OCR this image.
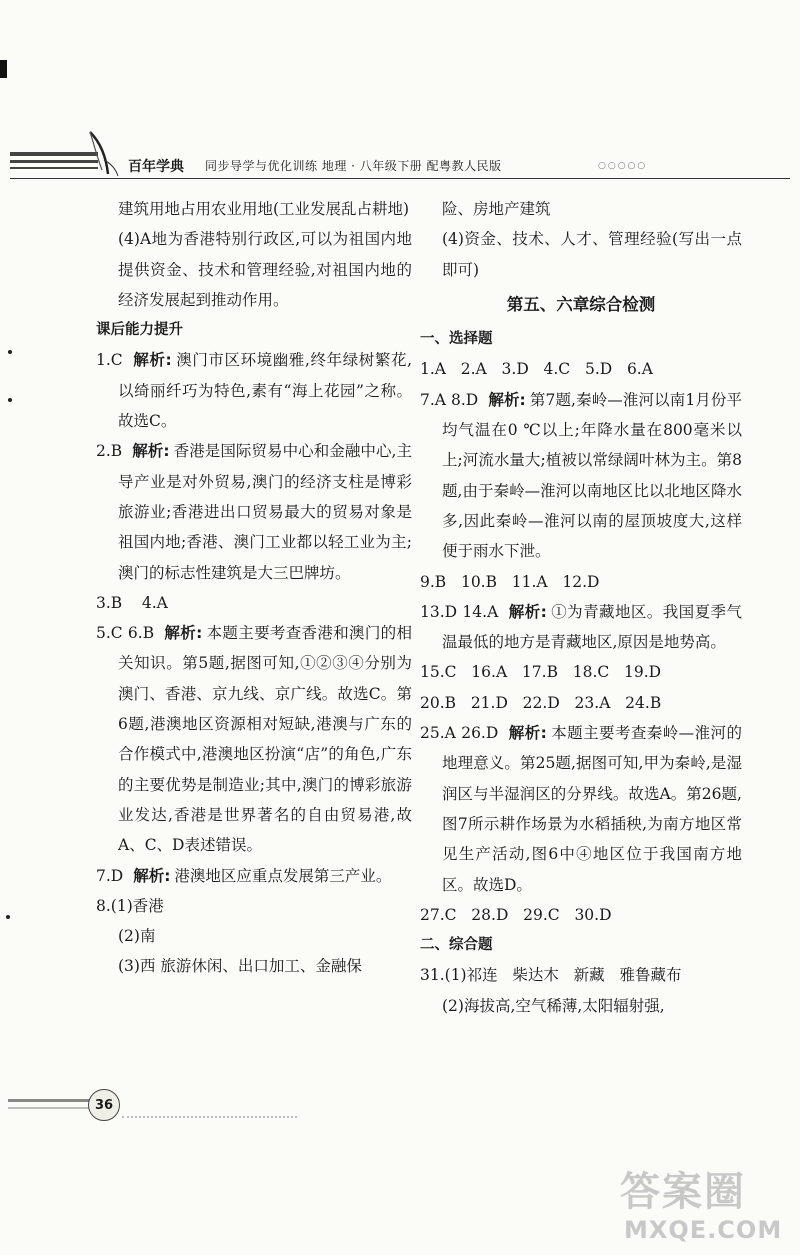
百年学典 同步导学与优化训练 地理 · 八年级下册 配粤教人民版	○○○○○

建筑用地占用农业用地(工业发展乱占耕地)

(4)A地为香港特别行政区,可以为祖国内地提供资金、技术和管理经验,对祖国内地的经济发展起到推动作用。

课后能力提升

1.C 解析: 澳门市区环境幽雅,终年绿树繁花,以绮丽纤巧为特色,素有“海上花园”之称。故选C。

2.B 解析: 香港是国际贸易中心和金融中心,主导产业是对外贸易,澳门的经济支柱是博彩旅游业;香港进出口贸易最大的贸易对象是祖国内地;香港、澳门工业都以轻工业为主;澳门的标志性建筑是大三巴牌坊。

3.B    4.A

5.C 6.B 解析: 本题主要考查香港和澳门的相关知识。第5题,据图可知,①②③④分别为澳门、香港、京九线、京广线。故选C。第6题,港澳地区资源相对短缺,港澳与广东的合作模式中,港澳地区扮演“店”的角色,广东的主要优势是制造业;其中,澳门的博彩旅游业发达,香港是世界著名的自由贸易港,故A、C、D表述错误。

7.D 解析: 港澳地区应重点发展第三产业。

8.(1)香港

(2)南

(3)西 旅游休闲、出口加工、金融保

险、房地产建筑

(4)资金、技术、人才、管理经验(写出一点即可)

第五、六章综合检测

一、选择题

1.A   2.A   3.D   4.C   5.D   6.A

7.A 8.D 解析: 第7题,秦岭—淮河以南1月份平均气温在0 ℃以上;年降水量在800毫米以上;河流水量大;植被以常绿阔叶林为主。第8题,由于秦岭—淮河以南地区比以北地区降水多,因此秦岭—淮河以南的屋顶坡度大,这样便于雨水下泄。

9.B   10.B   11.A   12.D

13.D 14.A 解析: ①为青藏地区。我国夏季气温最低的地方是青藏地区,原因是地势高。

15.C   16.A   17.B   18.C   19.D

20.B   21.D   22.D   23.A   24.B

25.A 26.D 解析: 本题主要考查秦岭—淮河的地理意义。第25题,据图可知,甲为秦岭,是湿润区与半湿润区的分界线。故选A。第26题,图7所示耕作场景为水稻插秧,为南方地区常见生产活动,图6中④地区位于我国南方地区。故选D。

27.C   28.D   29.C   30.D

二、综合题

31.(1)祁连   柴达木   新藏   雅鲁藏布

(2)海拔高,空气稀薄,太阳辐射强,

36
答案圈
MXQE.COM
